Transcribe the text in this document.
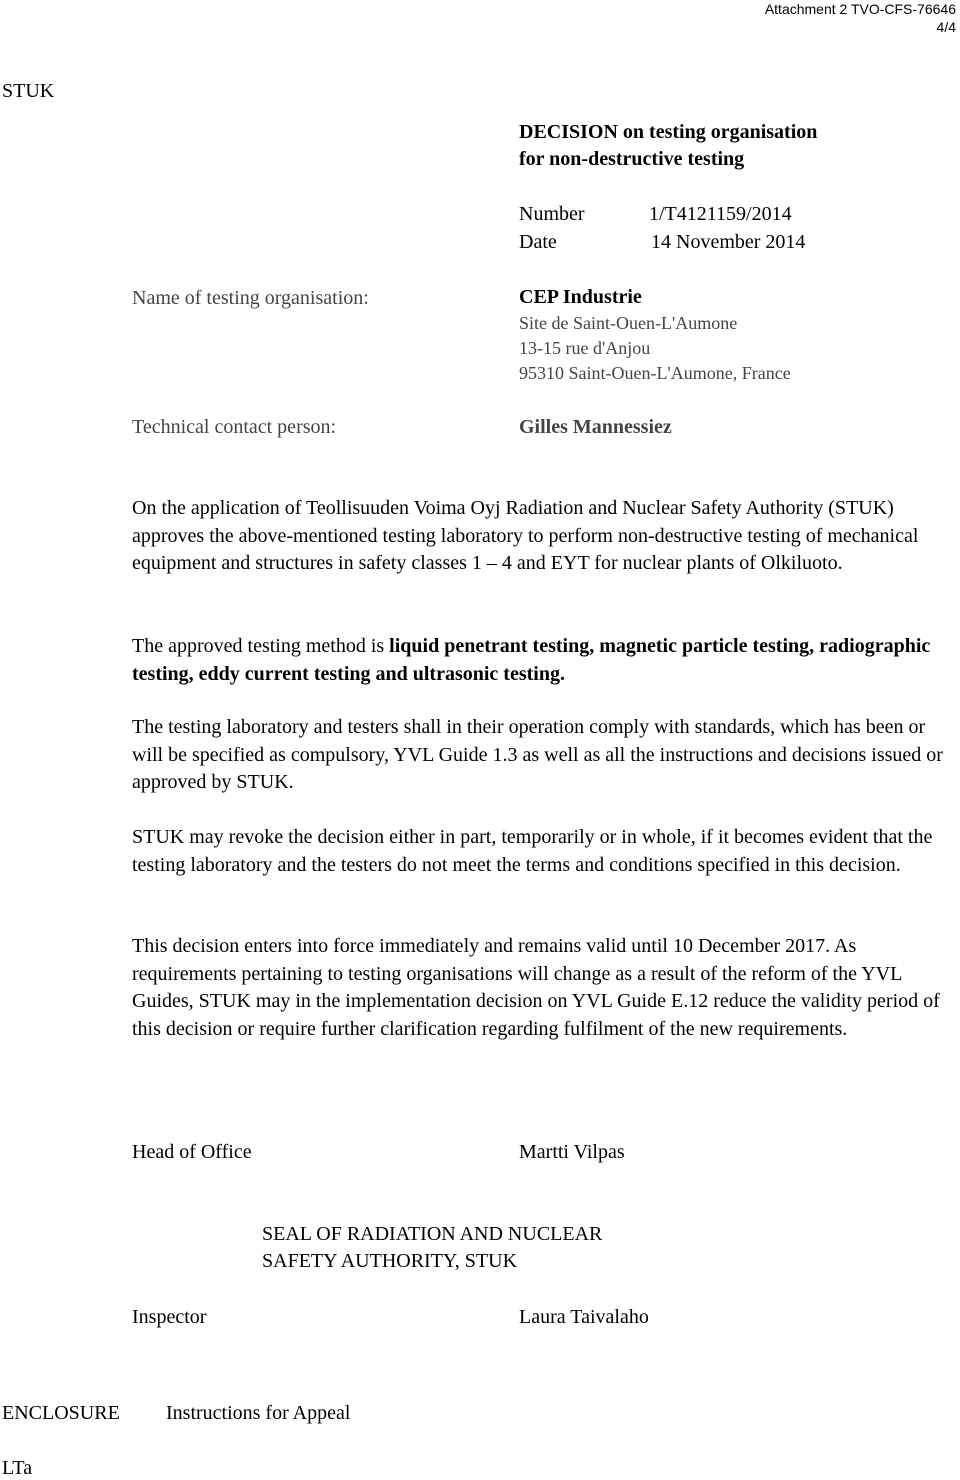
Attachment 2 TVO-CFS-76646
4/4
STUK
DECISION on testing organisation
for non-destructive testing
Number	1/T4121159/2014
Date	14 November 2014
Name of testing organisation:	CEP Industrie
Site de Saint-Ouen-L'Aumone
13-15 rue d'Anjou
95310 Saint-Ouen-L'Aumone, France
Technical contact person:	Gilles Mannessiez
On the application of Teollisuuden Voima Oyj Radiation and Nuclear Safety Authority (STUK) approves the above-mentioned testing laboratory to perform non-destructive testing of mechanical equipment and structures in safety classes 1 – 4 and EYT for nuclear plants of Olkiluoto.
The approved testing method is liquid penetrant testing, magnetic particle testing, radiographic testing, eddy current testing and ultrasonic testing.
The testing laboratory and testers shall in their operation comply with standards, which has been or will be specified as compulsory, YVL Guide 1.3 as well as all the instructions and decisions issued or approved by STUK.
STUK may revoke the decision either in part, temporarily or in whole, if it becomes evident that the testing laboratory and the testers do not meet the terms and conditions specified in this decision.
This decision enters into force immediately and remains valid until 10 December 2017. As requirements pertaining to testing organisations will change as a result of the reform of the YVL Guides, STUK may in the implementation decision on YVL Guide E.12 reduce the validity period of this decision or require further clarification regarding fulfilment of the new requirements.
Head of Office	Martti Vilpas
SEAL OF RADIATION AND NUCLEAR
SAFETY AUTHORITY, STUK
Inspector	Laura Taivalaho
ENCLOSURE Instructions for Appeal
LTa
